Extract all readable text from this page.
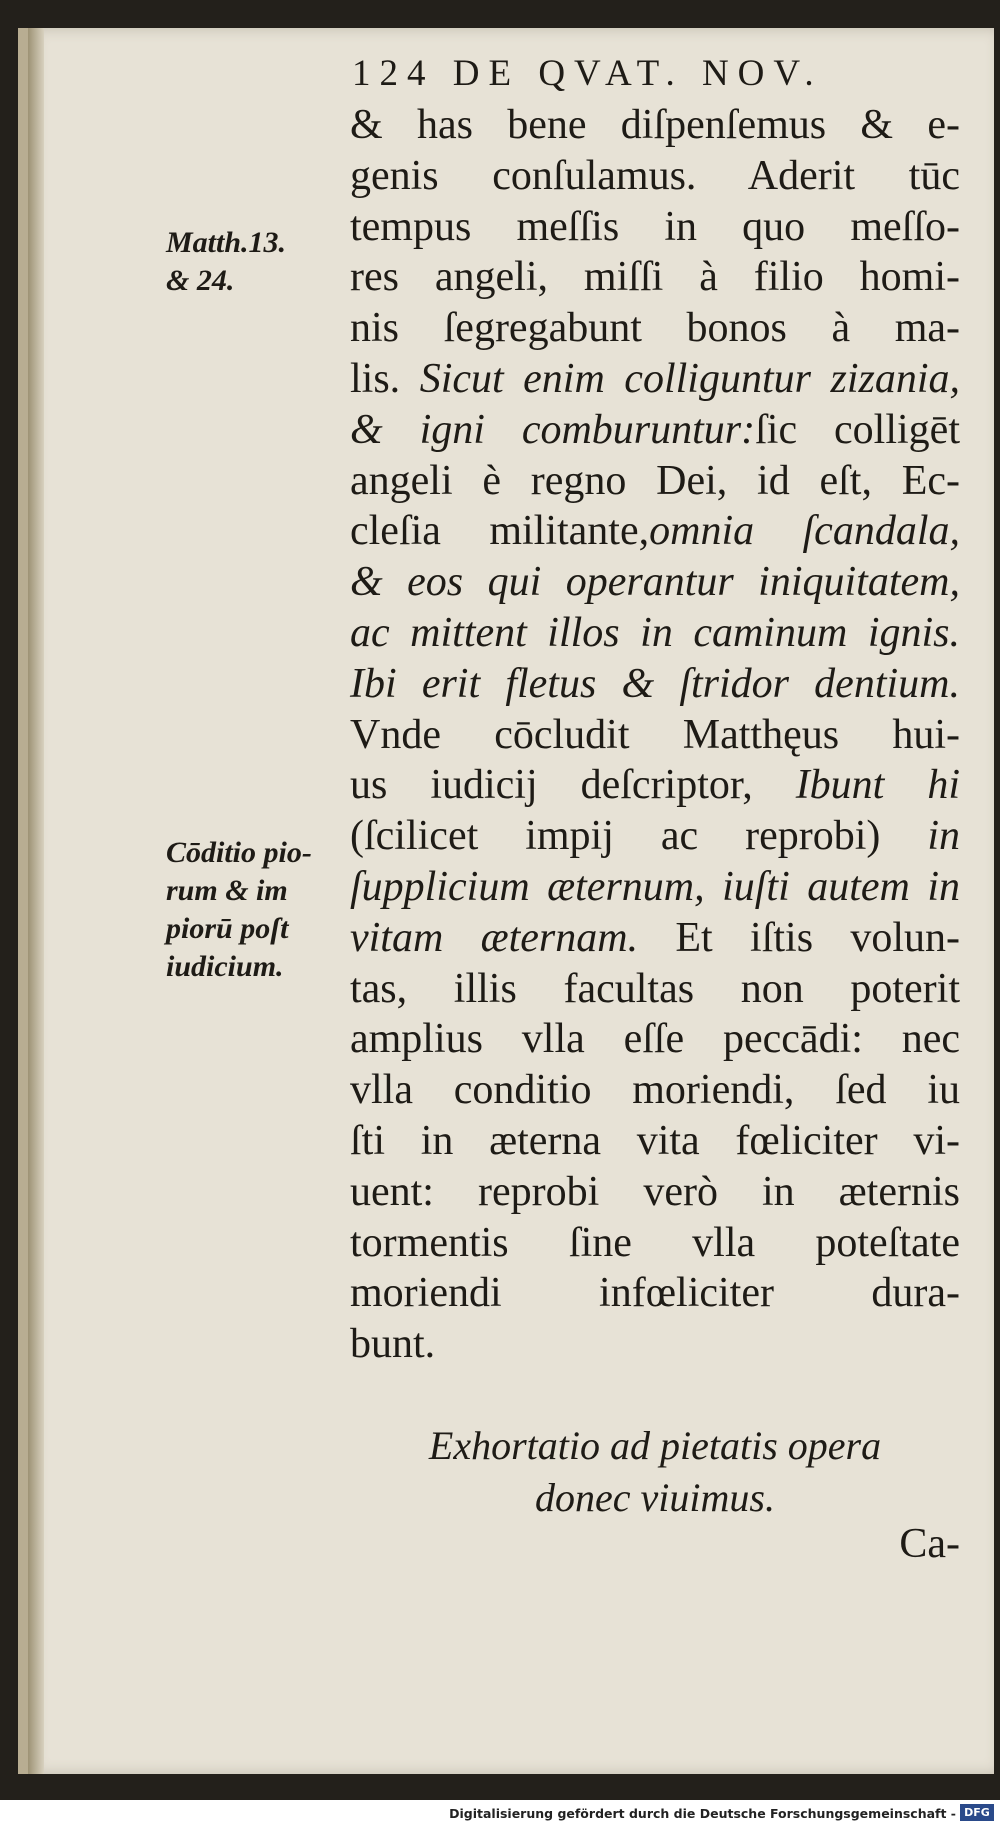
124 DE QVAT. NOV.
Matth.13.
& 24.
Cōditio pio-
rum & im
piorū poſt
iudicium.
& has bene diſpenſemus & e-
genis conſulamus. Aderit tūc
tempus meſſis in quo meſſo-
res angeli, miſſi à filio homi-
nis ſegregabunt bonos à ma-
lis. Sicut enim colliguntur zizania,
& igni comburuntur:ſic colligēt
angeli è regno Dei, id eſt, Ec-
cleſia militante,omnia ſcandala,
& eos qui operantur iniquitatem,
ac mittent illos in caminum ignis.
Ibi erit fletus & ſtridor dentium.
Vnde cōcludit Matthęus hui-
us iudicij deſcriptor, Ibunt hi
(ſcilicet impij ac reprobi) in
ſupplicium æternum, iuſti autem in
vitam æternam. Et iſtis volun-
tas, illis facultas non poterit
amplius vlla eſſe peccādi: nec
vlla conditio moriendi, ſed iu
ſti in æterna vita fœliciter vi-
uent: reprobi verò in æternis
tormentis ſine vlla poteſtate
moriendi infœliciter dura-
bunt.
Exhortatio ad pietatis opera
donec viuimus.
Ca-
Digitalisierung gefördert durch die Deutsche Forschungsgemeinschaft - DFG
